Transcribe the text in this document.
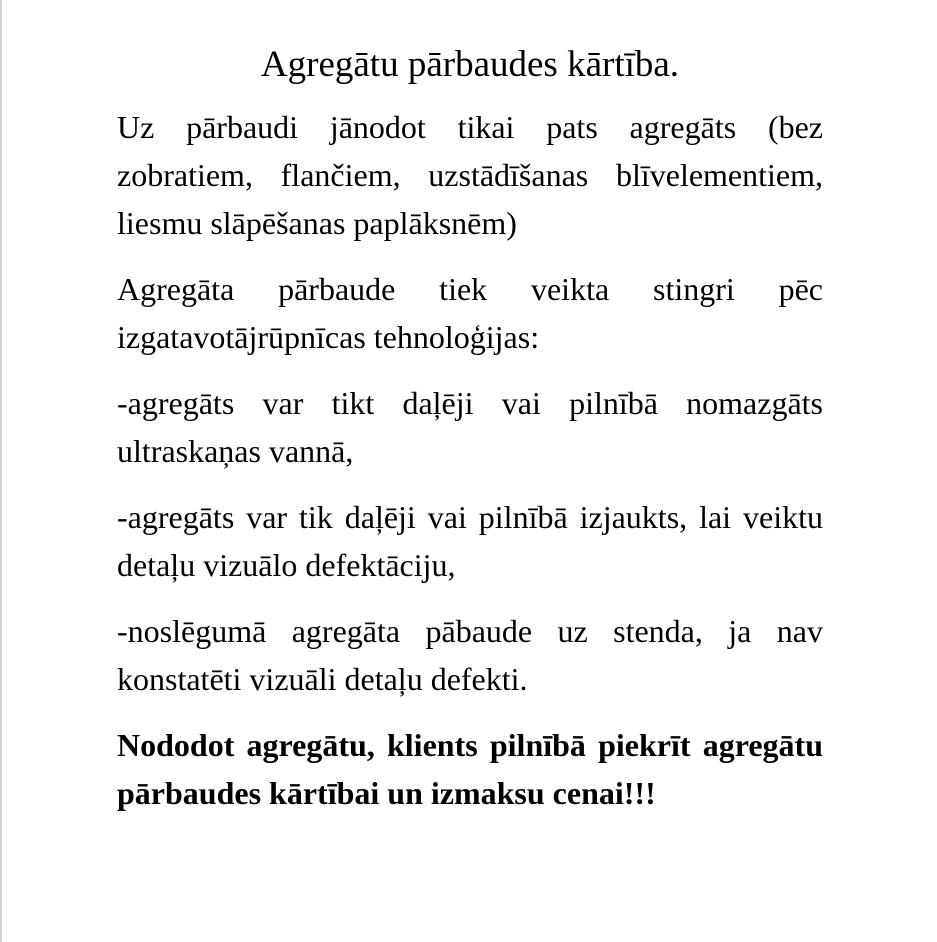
Agregātu pārbaudes kārtība.

Uz pārbaudi jānodot tikai pats agregāts (bez zobratiem, flančiem, uzstādīšanas blīvelementiem, liesmu slāpēšanas paplāksnēm)

Agregāta pārbaude tiek veikta stingri pēc izgatavotājrūpnīcas tehnoloģijas:

-agregāts var tikt daļēji vai pilnībā nomazgāts ultraskaņas vannā,

-agregāts var tik daļēji vai pilnībā izjaukts, lai veiktu detaļu vizuālo defektāciju,

-noslēgumā agregāta pābaude uz stenda, ja nav konstatēti vizuāli detaļu defekti.

Nododot agregātu, klients pilnībā piekrīt agregātu pārbaudes kārtībai un izmaksu cenai!!!
